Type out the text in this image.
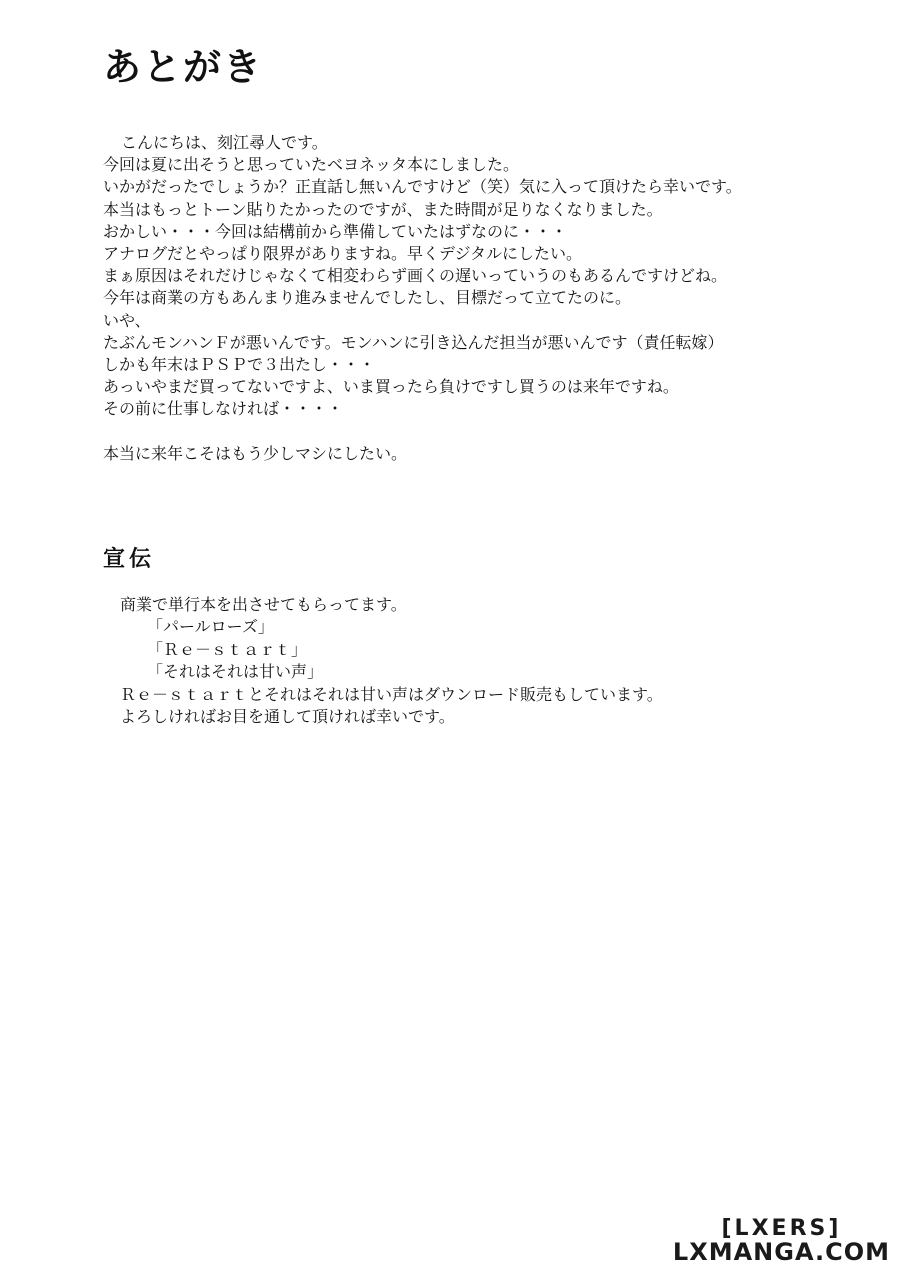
あとがき
こんにちは、刻江尋人です。
今回は夏に出そうと思っていたベヨネッタ本にしました。
いかがだったでしょうか？正直話し無いんですけど（笑）気に入って頂けたら幸いです。
本当はもっとトーン貼りたかったのですが、また時間が足りなくなりました。
おかしい・・・今回は結構前から準備していたはずなのに・・・
アナログだとやっぱり限界がありますね。早くデジタルにしたい。
まぁ原因はそれだけじゃなくて相変わらず画くの遅いっていうのもあるんですけどね。
今年は商業の方もあんまり進みませんでしたし、目標だって立てたのに。
いや、
たぶんモンハンＦが悪いんです。モンハンに引き込んだ担当が悪いんです（責任転嫁）
しかも年末はＰＳＰで３出たし・・・
あっいやまだ買ってないですよ、いま買ったら負けですし買うのは来年ですね。
その前に仕事しなければ・・・・
本当に来年こそはもう少しマシにしたい。
宣伝
商業で単行本を出させてもらってます。
「パールローズ」
「Ｒｅ－ｓｔａｒｔ」
「それはそれは甘い声」
Ｒｅ－ｓｔａｒｔとそれはそれは甘い声はダウンロード販売もしています。
よろしければお目を通して頂ければ幸いです。
[LXERS]
LXMANGA.COM
